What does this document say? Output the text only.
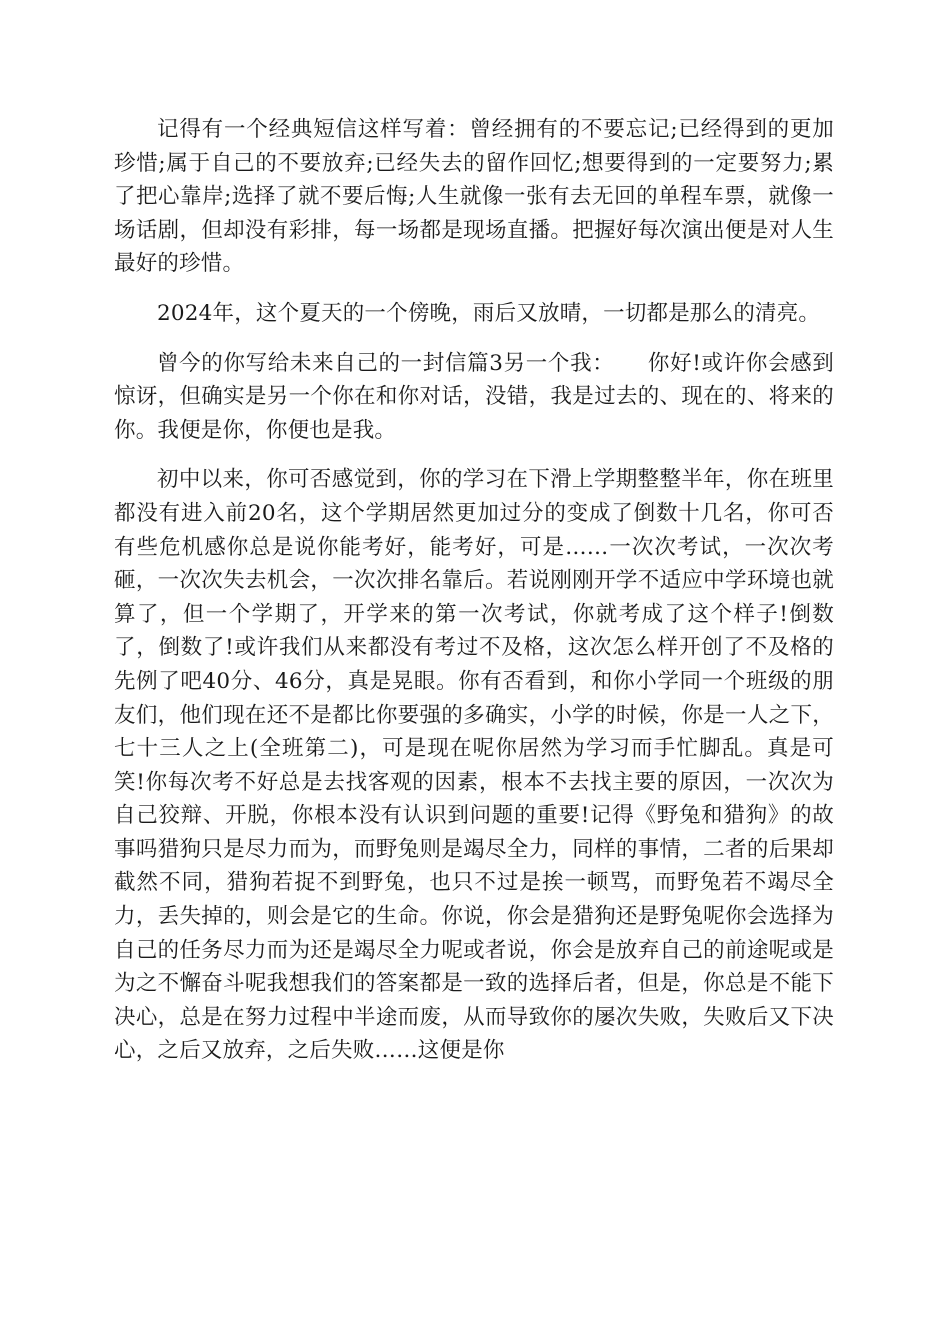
记得有一个经典短信这样写着：曾经拥有的不要忘记;已经得到的更加珍惜;属于自己的不要放弃;已经失去的留作回忆;想要得到的一定要努力;累了把心靠岸;选择了就不要后悔;人生就像一张有去无回的单程车票，就像一场话剧，但却没有彩排，每一场都是现场直播。把握好每次演出便是对人生最好的珍惜。

2024年，这个夏天的一个傍晚，雨后又放晴，一切都是那么的清亮。

曾今的你写给未来自己的一封信篇3另一个我：　　你好!或许你会感到惊讶，但确实是另一个你在和你对话，没错，我是过去的、现在的、将来的你。我便是你，你便也是我。

初中以来，你可否感觉到，你的学习在下滑上学期整整半年，你在班里都没有进入前20名，这个学期居然更加过分的变成了倒数十几名，你可否有些危机感你总是说你能考好，能考好，可是……一次次考试，一次次考砸，一次次失去机会，一次次排名靠后。若说刚刚开学不适应中学环境也就算了，但一个学期了，开学来的第一次考试，你就考成了这个样子!倒数了，倒数了!或许我们从来都没有考过不及格，这次怎么样开创了不及格的先例了吧40分、46分，真是晃眼。你有否看到，和你小学同一个班级的朋友们，他们现在还不是都比你要强的多确实，小学的时候，你是一人之下，七十三人之上(全班第二)，可是现在呢你居然为学习而手忙脚乱。真是可笑!你每次考不好总是去找客观的因素，根本不去找主要的原因，一次次为自己狡辩、开脱，你根本没有认识到问题的重要!记得《野兔和猎狗》的故事吗猎狗只是尽力而为，而野兔则是竭尽全力，同样的事情，二者的后果却截然不同，猎狗若捉不到野兔，也只不过是挨一顿骂，而野兔若不竭尽全力，丢失掉的，则会是它的生命。你说，你会是猎狗还是野兔呢你会选择为自己的任务尽力而为还是竭尽全力呢或者说，你会是放弃自己的前途呢或是为之不懈奋斗呢我想我们的答案都是一致的选择后者，但是，你总是不能下决心，总是在努力过程中半途而废，从而导致你的屡次失败，失败后又下决心，之后又放弃，之后失败……这便是你
